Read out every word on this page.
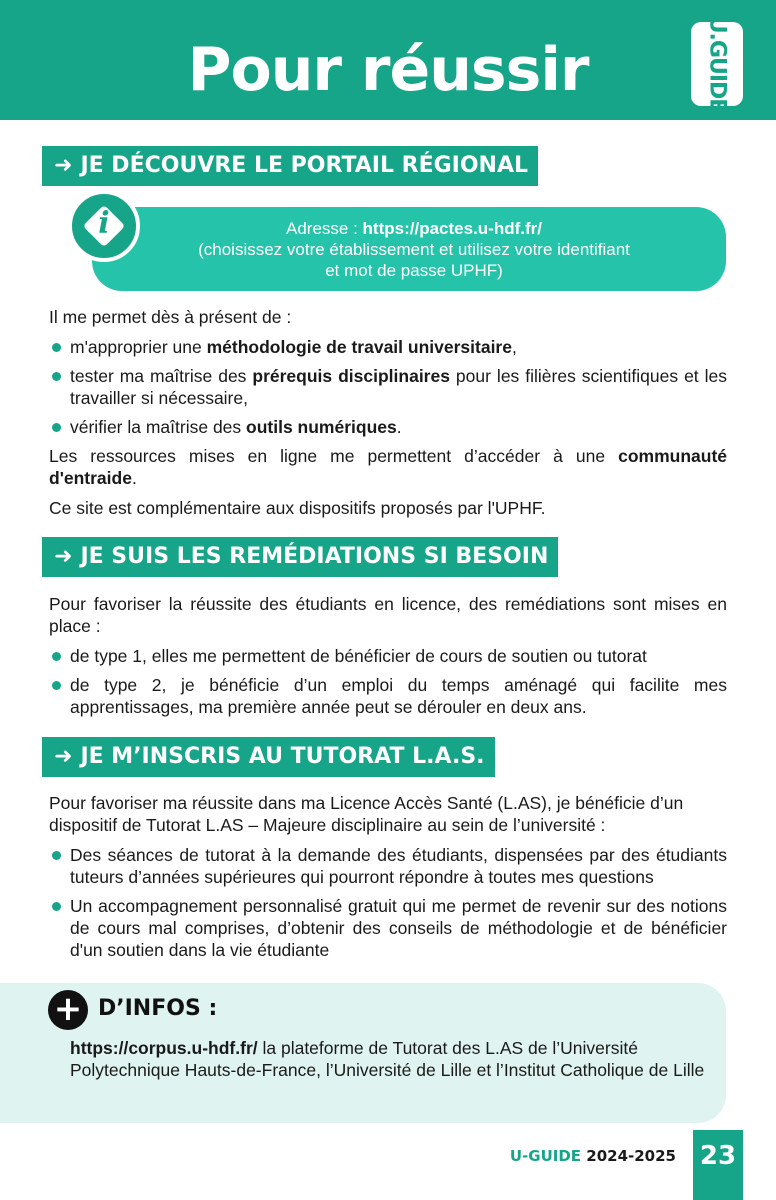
Pour réussir	U.GUIDE
➜ JE DÉCOUVRE LE PORTAIL RÉGIONAL
Adresse : https://pactes.u-hdf.fr/
(choisissez votre établissement et utilisez votre identifiant
et mot de passe UPHF)
i
Il me permet dès à présent de :
m'approprier une méthodologie de travail universitaire,
tester ma maîtrise des prérequis disciplinaires pour les filières scientifiques et les travailler si nécessaire,
vérifier la maîtrise des outils numériques.
Les ressources mises en ligne me permettent d’accéder à une communauté d'entraide.
Ce site est complémentaire aux dispositifs proposés par l'UPHF.
➜ JE SUIS LES REMÉDIATIONS SI BESOIN
Pour favoriser la réussite des étudiants en licence, des remédiations sont mises en place :
de type 1, elles me permettent de bénéficier de cours de soutien ou tutorat
de type 2, je bénéficie d’un emploi du temps aménagé qui facilite mes apprentissages, ma première année peut se dérouler en deux ans.
➜ JE M’INSCRIS AU TUTORAT L.A.S.
Pour favoriser ma réussite dans ma Licence Accès Santé (L.AS), je bénéficie d’un dispositif de Tutorat L.AS – Majeure disciplinaire au sein de l’université :
Des séances de tutorat à la demande des étudiants, dispensées par des étudiants tuteurs d’années supérieures qui pourront répondre à toutes mes questions
Un accompagnement personnalisé gratuit qui me permet de revenir sur des notions de cours mal comprises, d’obtenir des conseils de méthodologie et de bénéficier d'un soutien dans la vie étudiante
+ D’INFOS :
https://corpus.u-hdf.fr/ la plateforme de Tutorat des L.AS de l’Université Polytechnique Hauts-de-France, l’Université de Lille et l’Institut Catholique de Lille
U-GUIDE 2024-2025 23
